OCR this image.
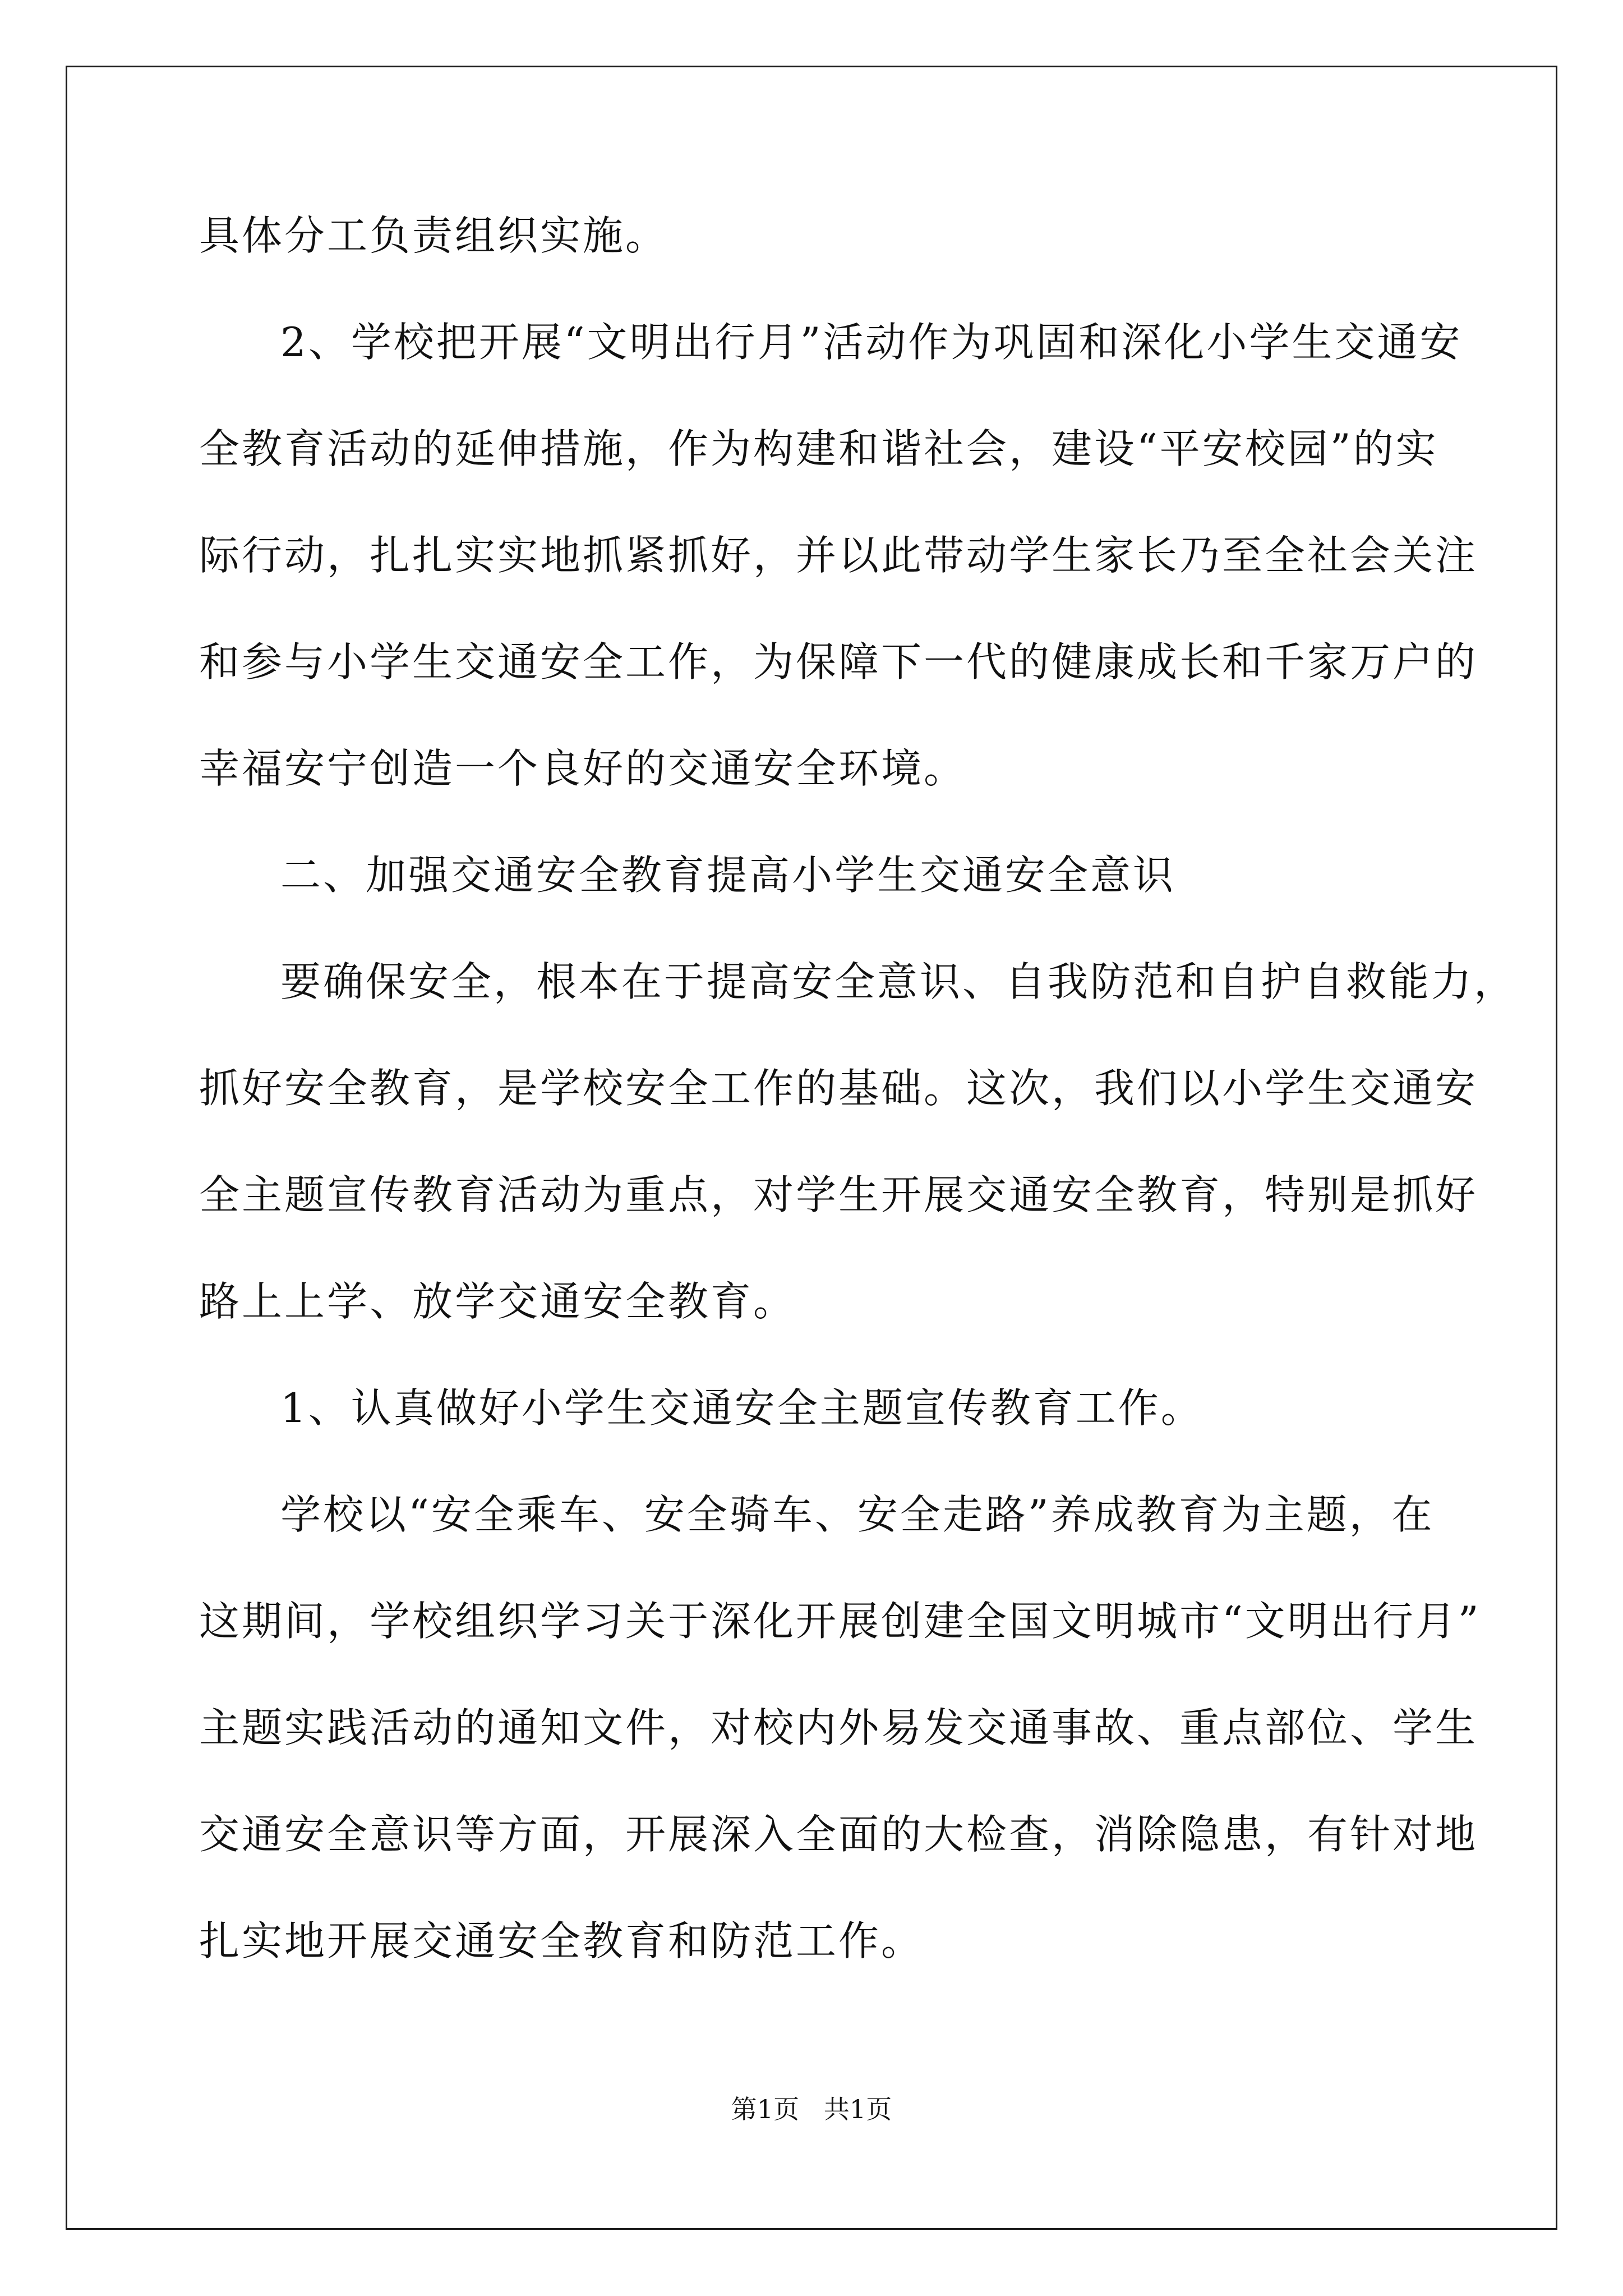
具体分工负责组织实施。
2、学校把开展“文明出行月”活动作为巩固和深化小学生交通安
全教育活动的延伸措施，作为构建和谐社会，建设“平安校园”的实
际行动，扎扎实实地抓紧抓好，并以此带动学生家长乃至全社会关注
和参与小学生交通安全工作，为保障下一代的健康成长和千家万户的
幸福安宁创造一个良好的交通安全环境。
二、加强交通安全教育提高小学生交通安全意识
要确保安全，根本在于提高安全意识、自我防范和自护自救能力，
抓好安全教育，是学校安全工作的基础。这次，我们以小学生交通安
全主题宣传教育活动为重点，对学生开展交通安全教育，特别是抓好
路上上学、放学交通安全教育。
1、认真做好小学生交通安全主题宣传教育工作。
学校以“安全乘车、安全骑车、安全走路”养成教育为主题，在
这期间，学校组织学习关于深化开展创建全国文明城市“文明出行月”
主题实践活动的通知文件，对校内外易发交通事故、重点部位、学生
交通安全意识等方面，开展深入全面的大检查，消除隐患，有针对地
扎实地开展交通安全教育和防范工作。
第1页   共1页
